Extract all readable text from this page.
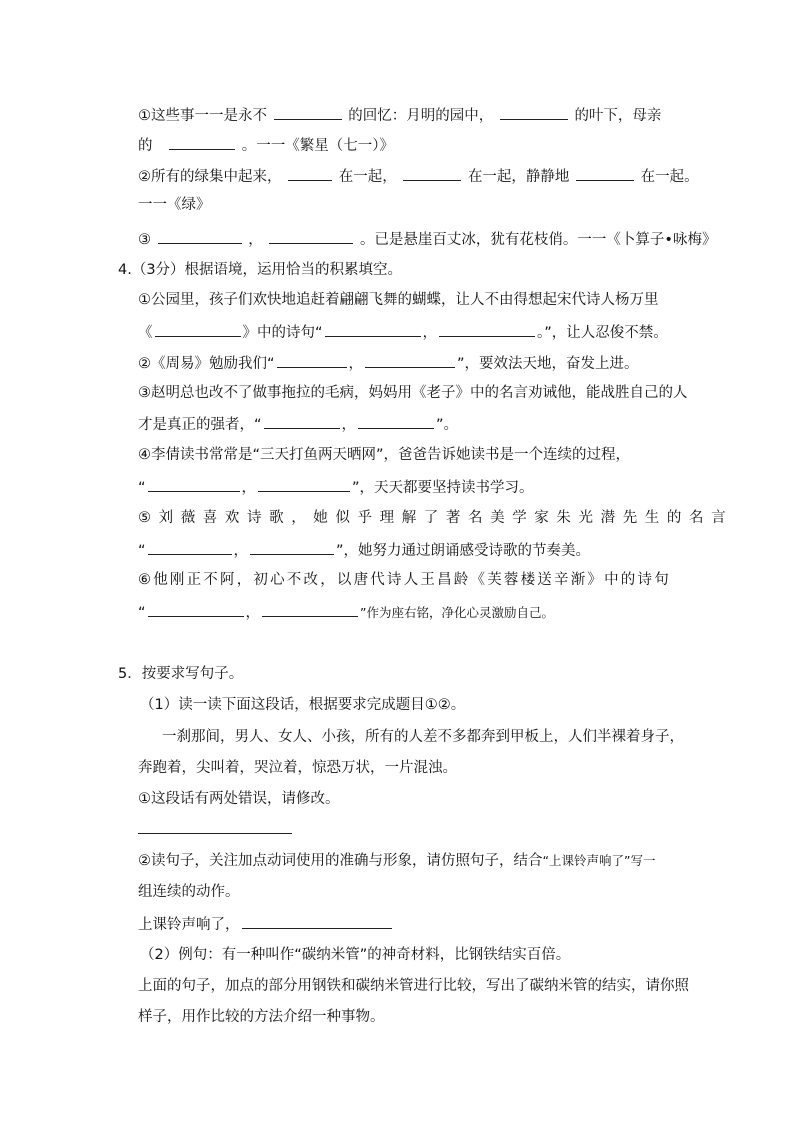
①这些事一一是永不	的回忆：月明的园中，	的叶下，母亲
的	。一一《繁星（七一）》
②所有的绿集中起来，	在一起，	在一起，静静地	在一起。
一一《绿》
③	，	。已是悬崖百丈冰，犹有花枝俏。一一《卜算子•咏梅》
4.（3分）根据语境，运用恰当的积累填空。
①公园里，孩子们欢快地追赶着翩翩飞舞的蝴蝶，让人不由得想起宋代诗人杨万里
《	》中的诗句“	，	。”，让人忍俊不禁。
②《周易》勉励我们“	，	”，要效法天地，奋发上进。
③赵明总也改不了做事拖拉的毛病，妈妈用《老子》中的名言劝诫他，能战胜自己的人
才是真正的强者，“	，	”。
④李倩读书常常是“三天打鱼两天晒网”，爸爸告诉她读书是一个连续的过程，
“	，	”，天天都要坚持读书学习。
⑤刘薇喜欢诗歌，她似乎理解了著名美学家朱光潜先生的名言
“	，	”，她努力通过朗诵感受诗歌的节奏美。
⑥他刚正不阿，初心不改，以唐代诗人王昌龄《芙蓉楼送辛渐》中的诗句
“	，	”作为座右铭，净化心灵激励自己。
5．按要求写句子。
（1）读一读下面这段话，根据要求完成题目①②。
一刹那间，男人、女人、小孩，所有的人差不多都奔到甲板上，人们半裸着身子，
奔跑着，尖叫着，哭泣着，惊恐万状，一片混浊。
①这段话有两处错误，请修改。
②读句子，关注加点动词使用的准确与形象，请仿照句子，结合“上课铃声响了”写一
组连续的动作。
上课铃声响了，
（2）例句：有一种叫作“碳纳米管”的神奇材料，比钢铁结实百倍。
上面的句子，加点的部分用钢铁和碳纳米管进行比较，写出了碳纳米管的结实，请你照
样子，用作比较的方法介绍一种事物。
